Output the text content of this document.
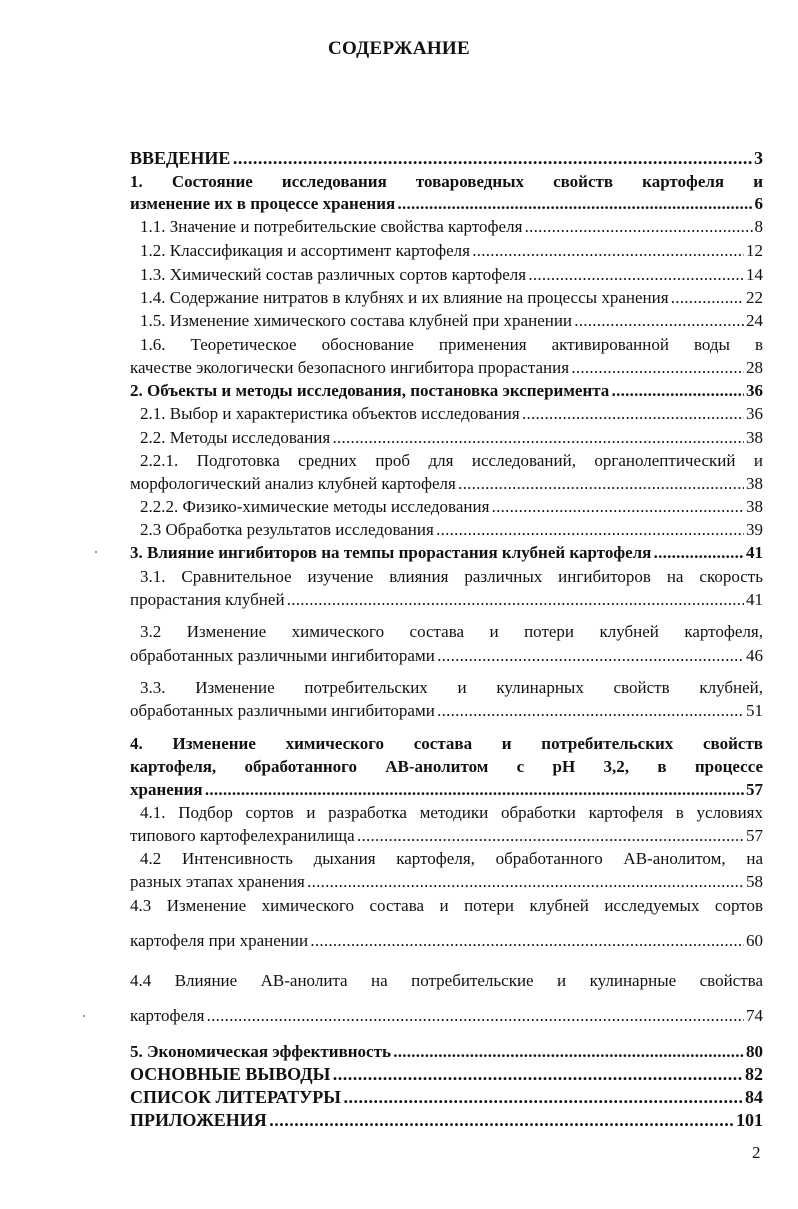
СОДЕРЖАНИЕ
ВВЕДЕНИЕ . . .	3
1. Состояние исследования товароведных свойств картофеля и
изменение их в процессе хранения . . .	6
1.1. Значение и потребительские свойства картофеля . . .	8
1.2. Классификация и ассортимент картофеля . . .	12
1.3. Химический состав различных сортов картофеля . . .	14
1.4. Содержание нитратов в клубнях и их влияние на процессы хранения . . .	22
1.5. Изменение химического состава клубней при хранении . . .	24
1.6. Теоретическое обоснование применения активированной воды в
качестве экологически безопасного ингибитора прорастания . . .	28
2. Объекты и методы исследования, постановка эксперимента . . .	36
2.1. Выбор и характеристика объектов исследования . . .	36
2.2. Методы исследования . . .	38
2.2.1. Подготовка средних проб для исследований, органолептический и
морфологический анализ клубней картофеля . . .	38
2.2.2. Физико-химические методы исследования . . .	38
2.3 Обработка результатов исследования . . .	39
3. Влияние ингибиторов на темпы прорастания клубней картофеля . . .	41
3.1. Сравнительное изучение влияния различных ингибиторов на скорость
прорастания клубней . . .	41
3.2 Изменение химического состава и потери клубней картофеля,
обработанных различными ингибиторами . . .	46
3.3. Изменение потребительских и кулинарных свойств клубней,
обработанных различными ингибиторами . . .	51
4. Изменение химического состава и потребительских свойств
картофеля, обработанного АВ-анолитом с рН 3,2, в процессе
хранения . . .	57
4.1. Подбор сортов и разработка методики обработки картофеля в условиях
типового картофелехранилища . . .	57
4.2 Интенсивность дыхания картофеля, обработанного АВ-анолитом, на
разных этапах хранения . . .	58
4.3 Изменение химического состава и потери клубней исследуемых сортов
картофеля при хранении . . .	60
4.4 Влияние АВ-анолита на потребительские и кулинарные свойства
картофеля . . .	74
5. Экономическая эффективность . . .	80
ОСНОВНЫЕ ВЫВОДЫ . . .	82
СПИСОК ЛИТЕРАТУРЫ . . .	84
ПРИЛОЖЕНИЯ . . .	101
2
